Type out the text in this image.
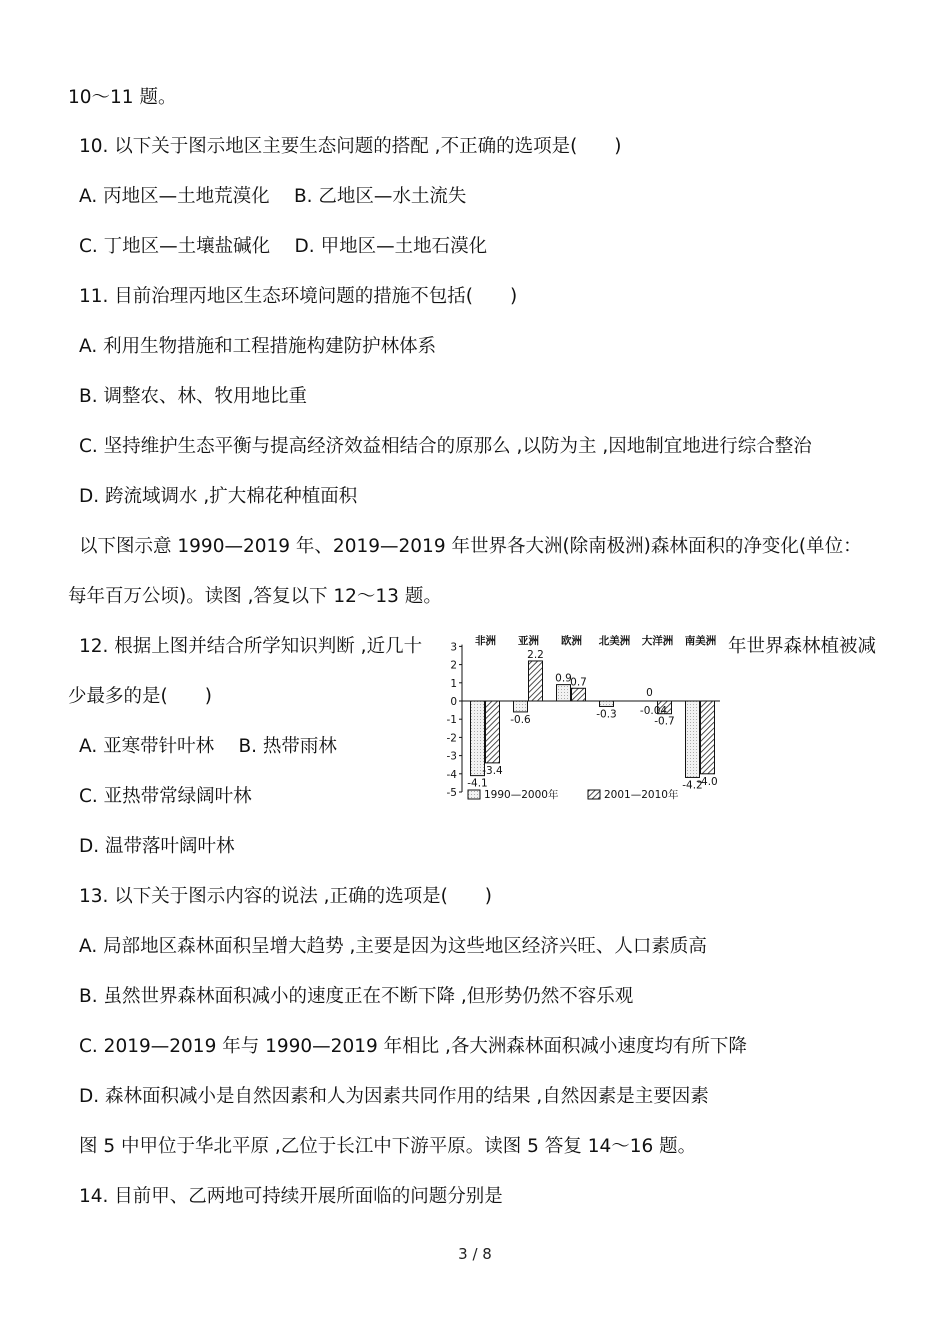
10～11 题。
10. 以下关于图示地区主要生态问题的搭配 ,不正确的选项是(　　)
A. 丙地区—土地荒漠化　 B. 乙地区—水土流失
C. 丁地区—土壤盐碱化　 D. 甲地区—土地石漠化
11. 目前治理丙地区生态环境问题的措施不包括(　　)
A. 利用生物措施和工程措施构建防护林体系
B. 调整农、林、牧用地比重
C. 坚持维护生态平衡与提高经济效益相结合的原那么 ,以防为主 ,因地制宜地进行综合整治
D. 跨流域调水 ,扩大棉花种植面积
以下图示意 1990—2019 年、2019—2019 年世界各大洲(除南极洲)森林面积的净变化(单位：
每年百万公顷)。读图 ,答复以下 12～13 题。
12. 根据上图并结合所学知识判断 ,近几十	年世界森林植被减
少最多的是(　　)
A. 亚寒带针叶林　 B. 热带雨林
C. 亚热带常绿阔叶林
D. 温带落叶阔叶林
13. 以下关于图示内容的说法 ,正确的选项是(　　)
A. 局部地区森林面积呈增大趋势 ,主要是因为这些地区经济兴旺、人口素质高
B. 虽然世界森林面积减小的速度正在不断下降 ,但形势仍然不容乐观
C. 2019—2019 年与 1990—2019 年相比 ,各大洲森林面积减小速度均有所下降
D. 森林面积减小是自然因素和人为因素共同作用的结果 ,自然因素是主要因素
图 5 中甲位于华北平原 ,乙位于长江中下游平原。读图 5 答复 14～16 题。
14. 目前甲、乙两地可持续开展所面临的问题分别是
非洲 亚洲 欧洲 北美洲 大洋洲 南美洲
3
2
1
0
-1
-2
-3
-4
-5
-4.1
-0.6
0.9
-0.3
0
-4.2
-3.4
2.2
0.7
-0.7
-4.0
-0.04
1990—2000年	2001—2010年
3 / 8
